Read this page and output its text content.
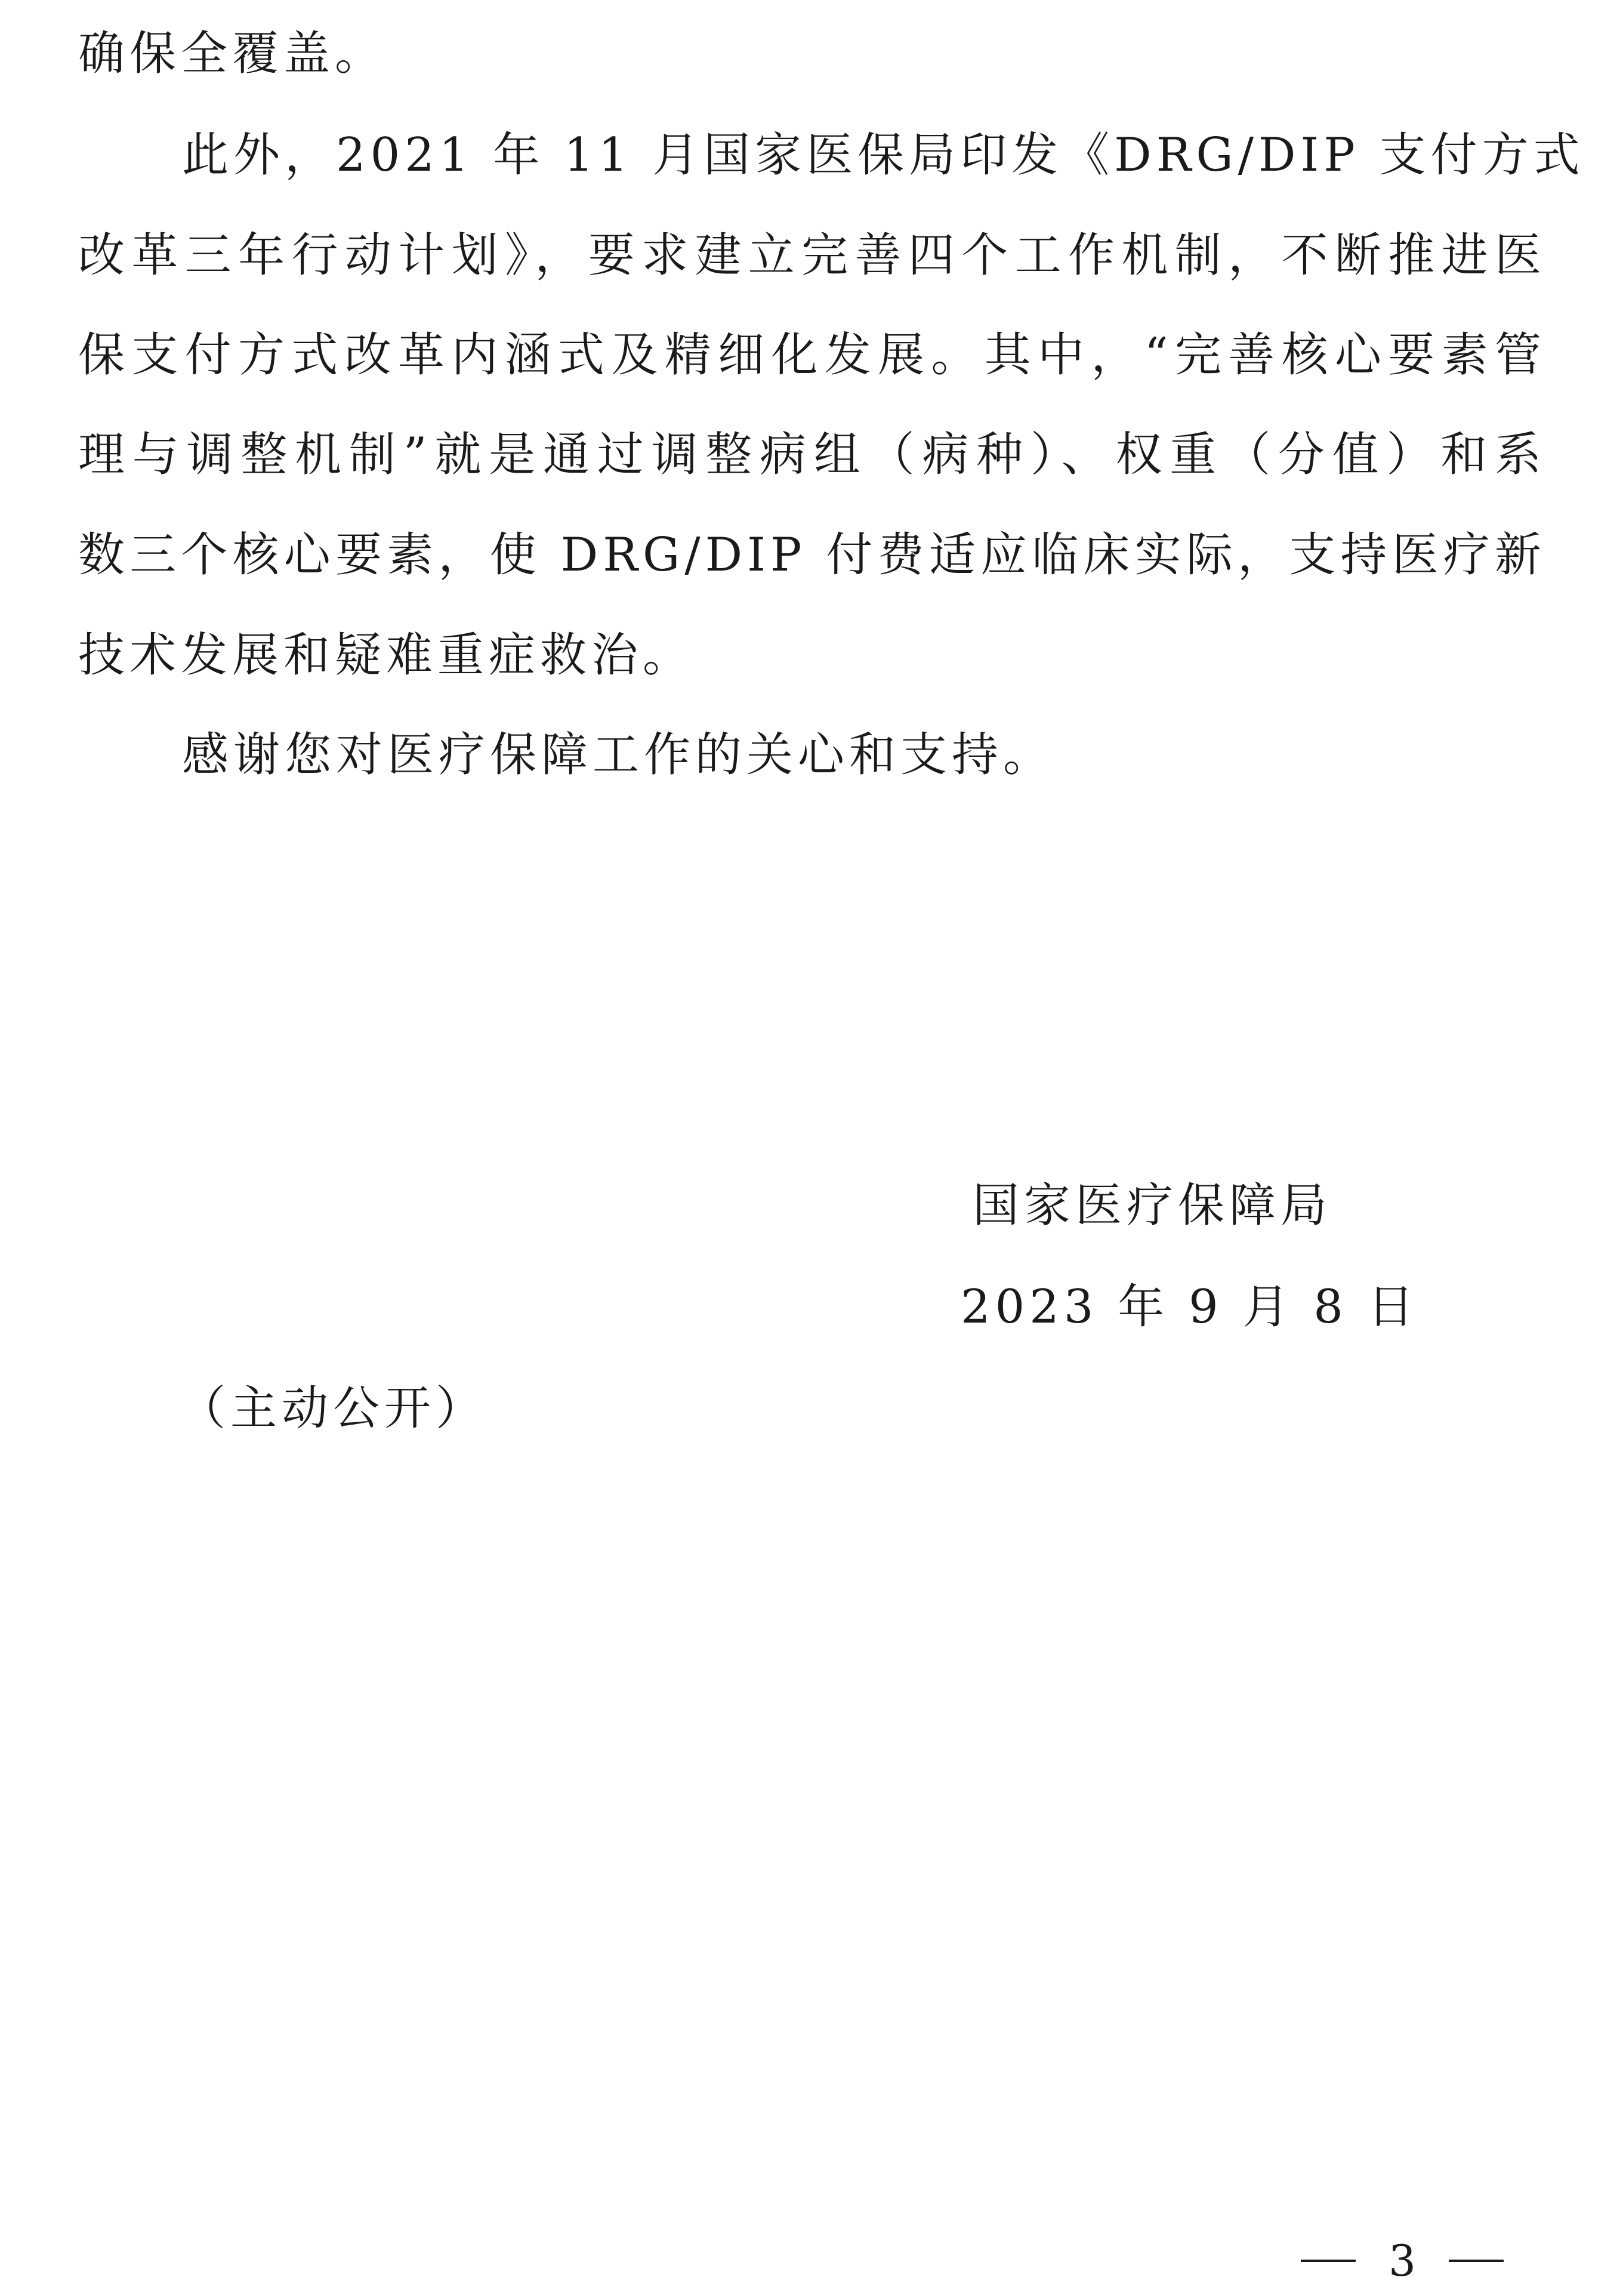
确保全覆盖。
此外，2021 年 11 月国家医保局印发《DRG/DIP 支付方式
改革三年行动计划》，要求建立完善四个工作机制，不断推进医
保支付方式改革内涵式及精细化发展。其中，“完善核心要素管
理与调整机制”就是通过调整病组（病种）、权重（分值）和系
数三个核心要素，使 DRG/DIP 付费适应临床实际，支持医疗新
技术发展和疑难重症救治。
感谢您对医疗保障工作的关心和支持。
国家医疗保障局
2023 年 9 月 8 日
（主动公开）
3
